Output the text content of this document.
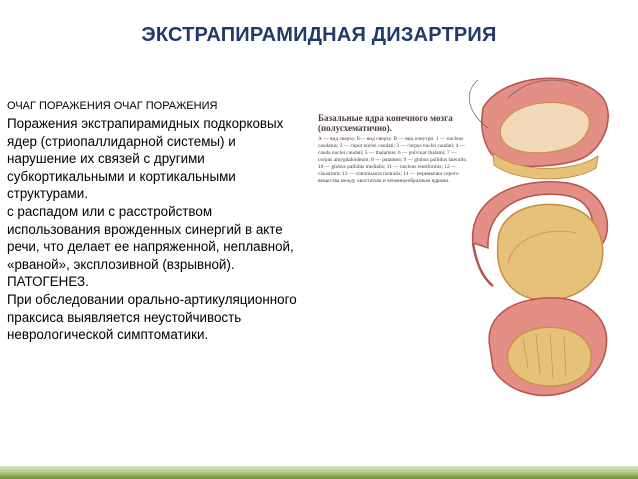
ЭКСТРАПИРАМИДНАЯ ДИЗАРТРИЯ
ОЧАГ ПОРАЖЕНИЯ ОЧАГ ПОРАЖЕНИЯ
Поражения экстрапирамидных подкорковых ядер (стриопаллидарной системы) и нарушение их связей с другими субкортикальными и кортикальными структурами.
с распадом или с расстройством использования врожденных синергий в акте речи, что делает ее напряженной, неплавной, «рваной», эксплозивной (взрывной).
ПАТОГЕНЕЗ.
При обследовании орально-артикуляционного праксиса выявляется неустойчивость неврологической симптоматики.
Базальные ядра конечного мозга (полусхематично).
А — вид сверху. Б— вид сверху. В — вид изнутри. 1 — nucleus caudatus; 2 — caput nuclei caudati; 3 — corpus nuclei caudati; 4 — cauda nuclei caudati; 5 — thalamus; 6 — pulvinar thalami; 7 — corpus amygdaloideum; 8 — putamen; 9 — globus pallidus lateralis; 10 — globus pallidus medialis; 11 — nucleus lentiformis; 12 — claustrum; 13 — commissura rostralis; 14 — перемычки серого вещества между хвостатым и чечевицеобразным ядрами.
